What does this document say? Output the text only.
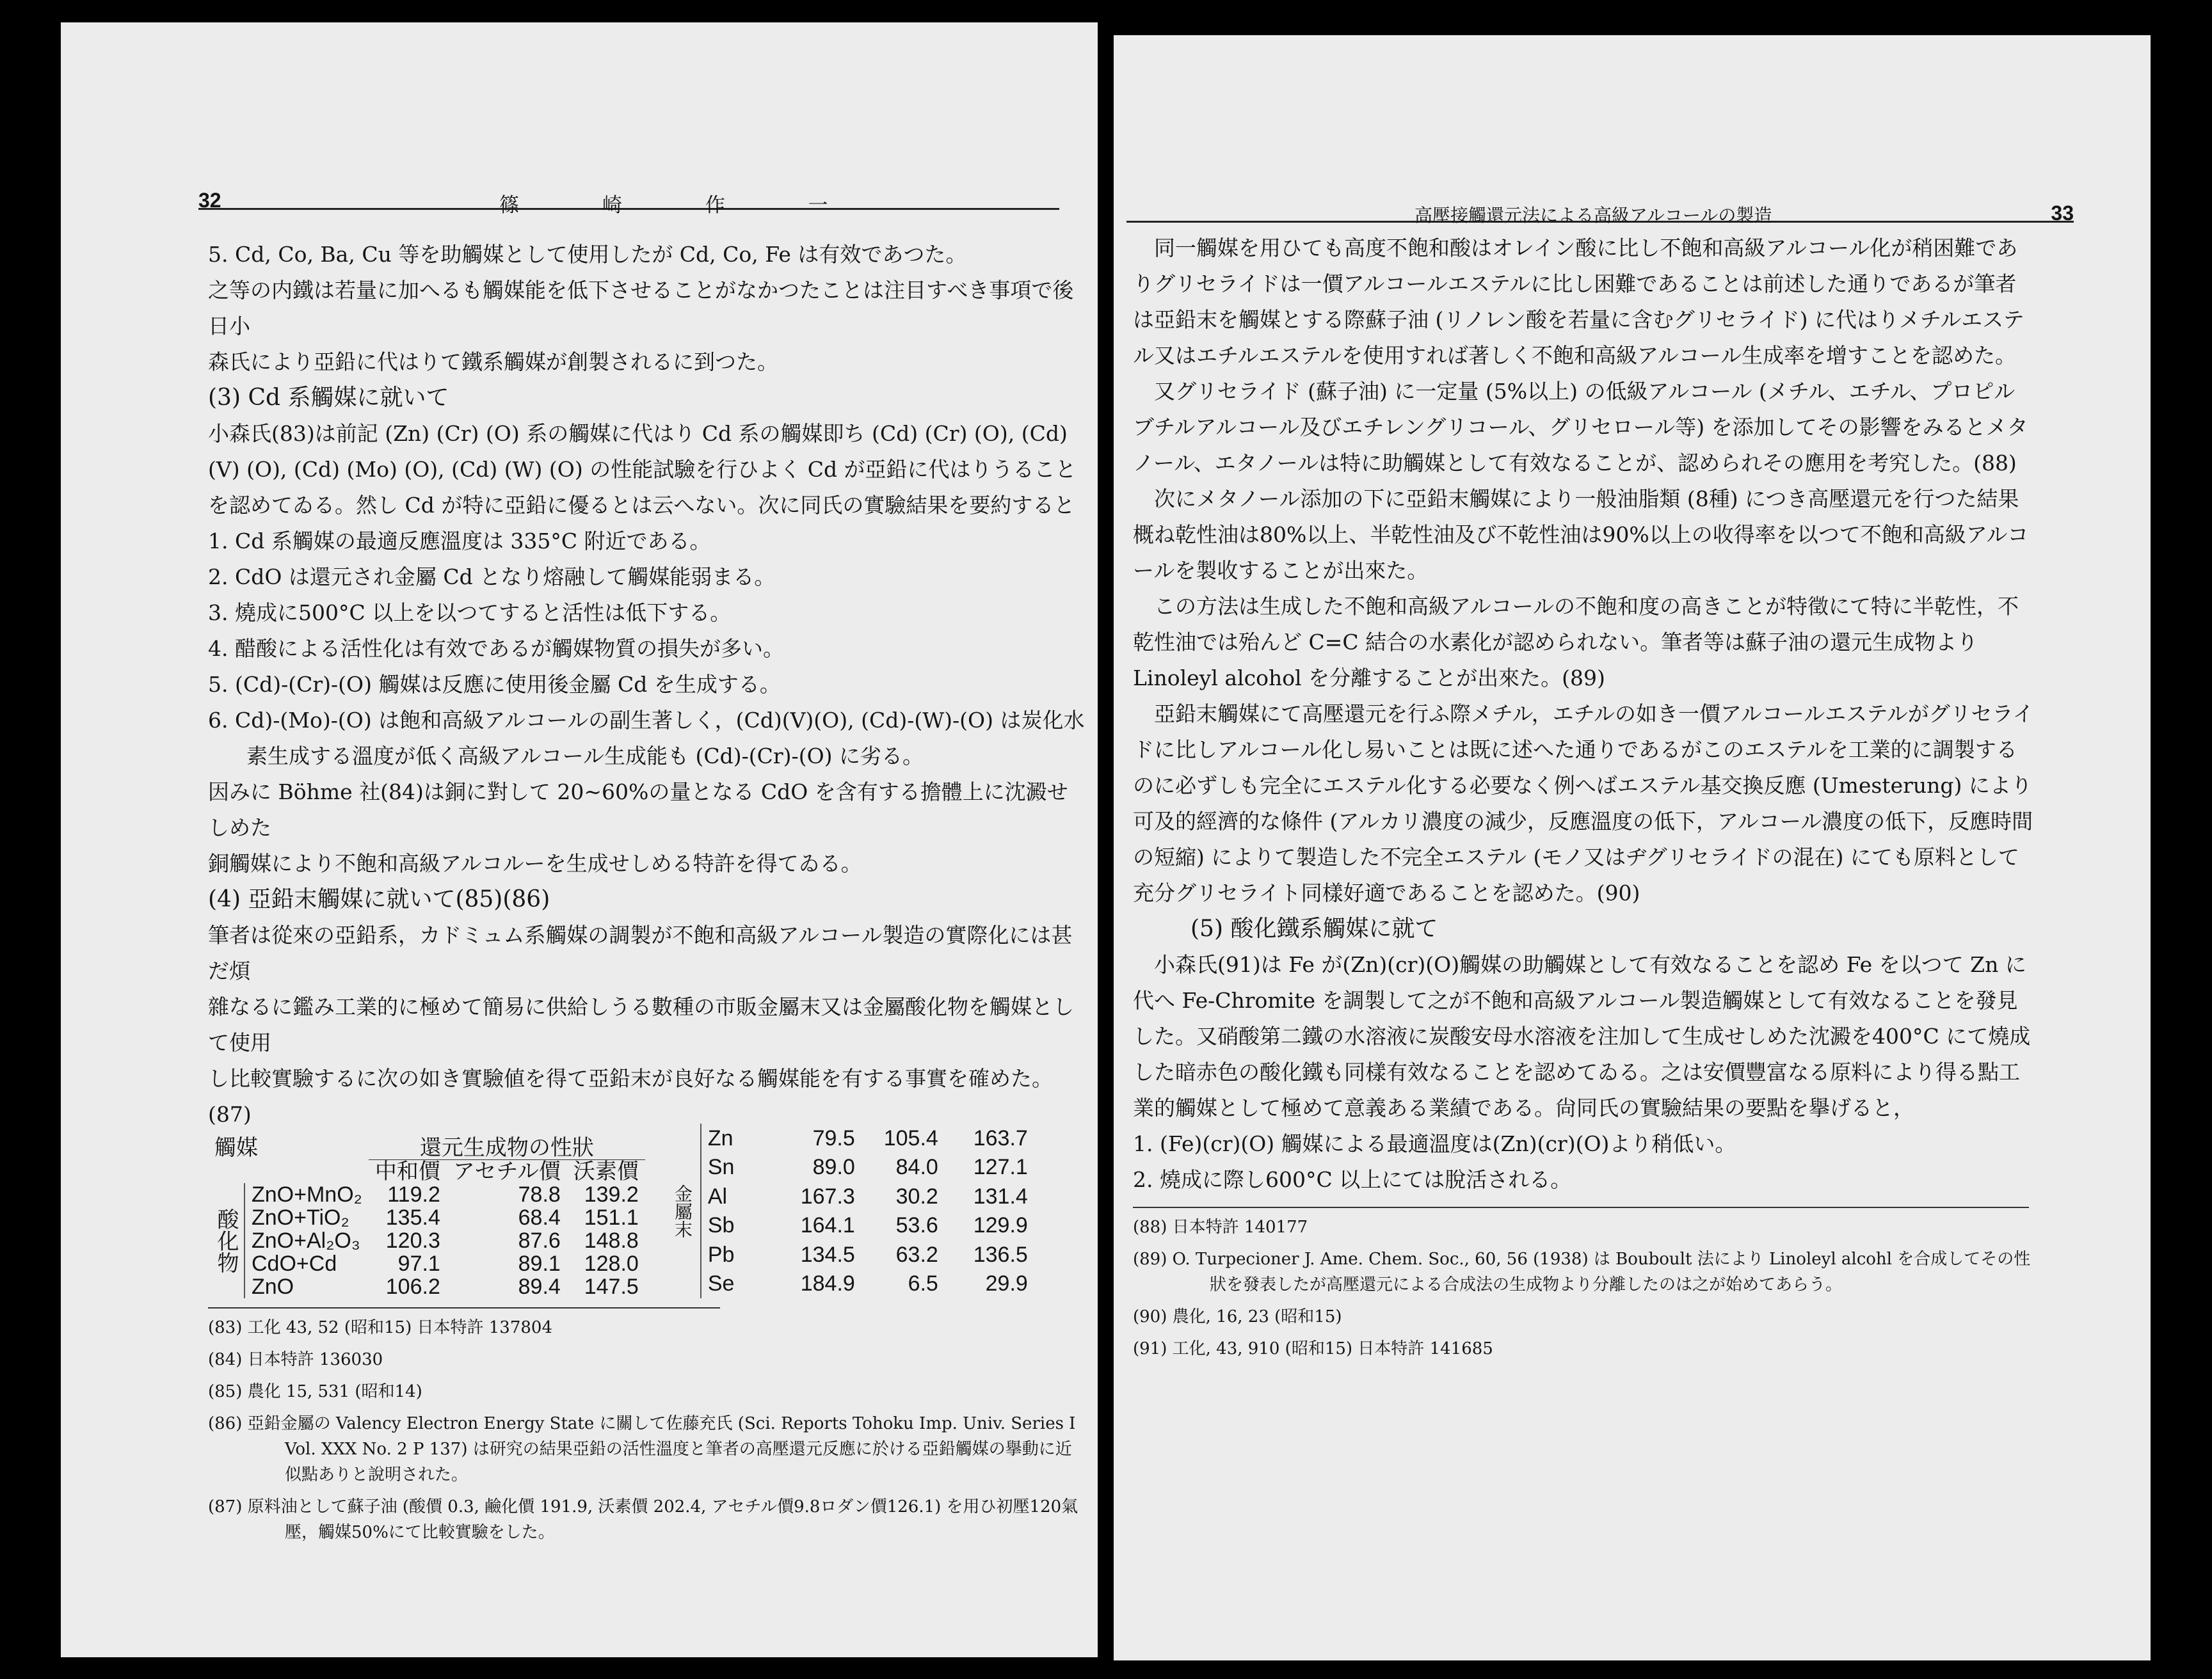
32	篠 崎 作 一

5. Cd, Co, Ba, Cu 等を助觸媒として使用したが Cd, Co, Fe は有效であつた。

之等の内鐵は若量に加へるも觸媒能を低下させることがなかつたことは注目すべき事項で後日小

森氏により亞鉛に代はりて鐵系觸媒が創製されるに到つた。

(3) Cd 系觸媒に就いて

小森氏(83)は前記 (Zn) (Cr) (O) 系の觸媒に代はり Cd 系の觸媒即ち (Cd) (Cr) (O), (Cd)

(V) (O), (Cd) (Mo) (O), (Cd) (W) (O) の性能試驗を行ひよく Cd が亞鉛に代はりうること

を認めてゐる。然し Cd が特に亞鉛に優るとは云へない。次に同氏の實驗結果を要約すると

1. Cd 系觸媒の最適反應溫度は 335°C 附近である。

2. CdO は還元され金屬 Cd となり熔融して觸媒能弱まる。

3. 燒成に500°C 以上を以つてすると活性は低下する。

4. 醋酸による活性化は有效であるが觸媒物質の損失が多い。

5. (Cd)-(Cr)-(O) 觸媒は反應に使用後金屬 Cd を生成する。

6. Cd)-(Mo)-(O) は飽和高級アルコールの副生著しく，(Cd)(V)(O), (Cd)-(W)-(O) は炭化水素生成する溫度が低く高級アルコール生成能も (Cd)-(Cr)-(O) に劣る。

因みに Böhme 社(84)は銅に對して 20~60%の量となる CdO を含有する擔體上に沈澱せしめた

銅觸媒により不飽和高級アルコルーを生成せしめる特許を得てゐる。

(4) 亞鉛末觸媒に就いて(85)(86)

筆者は從來の亞鉛系，カドミュム系觸媒の調製が不飽和高級アルコール製造の實際化には甚だ煩

雜なるに鑑み工業的に極めて簡易に供給しうる數種の市販金屬末又は金屬酸化物を觸媒として使用

し比較實驗するに次の如き實驗値を得て亞鉛末が良好なる觸媒能を有する事實を確めた。(87)

觸媒		還元生成物の性狀		
		中和價	アセチル價	沃素價
酸化物	ZnO+MnO₂	119.2	78.8	139.2
	ZnO+TiO₂	135.4	68.4	151.1
	ZnO+Al₂O₃	120.3	87.6	148.8
	CdO+Cd	97.1	89.1	128.0
	ZnO	106.2	89.4	147.5
金屬末	Zn	79.5	105.4	163.7
	Sn	89.0	84.0	127.1
	Al	167.3	30.2	131.4
	Sb	164.1	53.6	129.9
	Pb	134.5	63.2	136.5
	Se	184.9	6.5	29.9
(83) 工化 43, 52 (昭和15) 日本特許 137804
(84) 日本特許 136030
(85) 農化 15, 531 (昭和14)
(86) 亞鉛金屬の Valency Electron Energy State に關して佐藤充氏 (Sci. Reports Tohoku Imp. Univ. Series I Vol. XXX No. 2 P 137) は研究の結果亞鉛の活性溫度と筆者の高壓還元反應に於ける亞鉛觸媒の擧動に近似點ありと說明された。
(87) 原料油として蘇子油 (酸價 0.3, 鹼化價 191.9, 沃素價 202.4, アセチル價9.8ロダン價126.1) を用ひ初壓120氣壓，觸媒50%にて比較實驗をした。
高壓接觸還元法による高級アルコールの製造	33

同一觸媒を用ひても高度不飽和酸はオレイン酸に比し不飽和高級アルコール化が稍困難でありグリセライドは一價アルコールエステルに比し困難であることは前述した通りであるが筆者は亞鉛末を觸媒とする際蘇子油 (リノレン酸を若量に含むグリセライド) に代はりメチルエステル又はエチルエステルを使用すれば著しく不飽和高級アルコール生成率を增すことを認めた。

又グリセライド (蘇子油) に一定量 (5%以上) の低級アルコール (メチル、エチル、プロピル ブチルアルコール及びエチレングリコール、グリセロール等) を添加してその影響をみるとメタノール、エタノールは特に助觸媒として有效なることが、認められその應用を考究した。(88)

次にメタノール添加の下に亞鉛末觸媒により一般油脂類 (8種) につき高壓還元を行つた結果概ね乾性油は80%以上、半乾性油及び不乾性油は90%以上の收得率を以つて不飽和高級アルコールを製收することが出來た。

この方法は生成した不飽和高級アルコールの不飽和度の高きことが特徵にて特に半乾性，不乾性油では殆んど C=C 結合の水素化が認められない。筆者等は蘇子油の還元生成物より Linoleyl alcohol を分離することが出來た。(89)

亞鉛末觸媒にて高壓還元を行ふ際メチル，エチルの如き一價アルコールエステルがグリセライドに比しアルコール化し易いことは既に述へた通りであるがこのエステルを工業的に調製するのに必ずしも完全にエステル化する必要なく例へばエステル基交換反應 (Umesterung) により可及的經濟的な條件 (アルカリ濃度の減少，反應溫度の低下，アルコール濃度の低下，反應時間の短縮) によりて製造した不完全エステル (モノ又はヂグリセライドの混在) にても原料として充分グリセライト同樣好適であることを認めた。(90)

(5) 酸化鐵系觸媒に就て

小森氏(91)は Fe が(Zn)(cr)(O)觸媒の助觸媒として有效なることを認め Fe を以つて Zn に代へ Fe-Chromite を調製して之が不飽和高級アルコール製造觸媒として有效なることを發見した。又硝酸第二鐵の水溶液に炭酸安母水溶液を注加して生成せしめた沈澱を400°C にて燒成した暗赤色の酸化鐵も同樣有效なることを認めてゐる。之は安價豐富なる原料により得る點工業的觸媒として極めて意義ある業績である。尙同氏の實驗結果の要點を擧げると，

1. (Fe)(cr)(O) 觸媒による最適溫度は(Zn)(cr)(O)より稍低い。

2. 燒成に際し600°C 以上にては脫活される。

(88) 日本特許 140177
(89) O. Turpecioner J. Ame. Chem. Soc., 60, 56 (1938) は Bouboult 法により Linoleyl alcohl を合成してその性狀を發表したが高壓還元による合成法の生成物より分離したのは之が始めてあらう。
(90) 農化, 16, 23 (昭和15)
(91) 工化, 43, 910 (昭和15) 日本特許 141685
